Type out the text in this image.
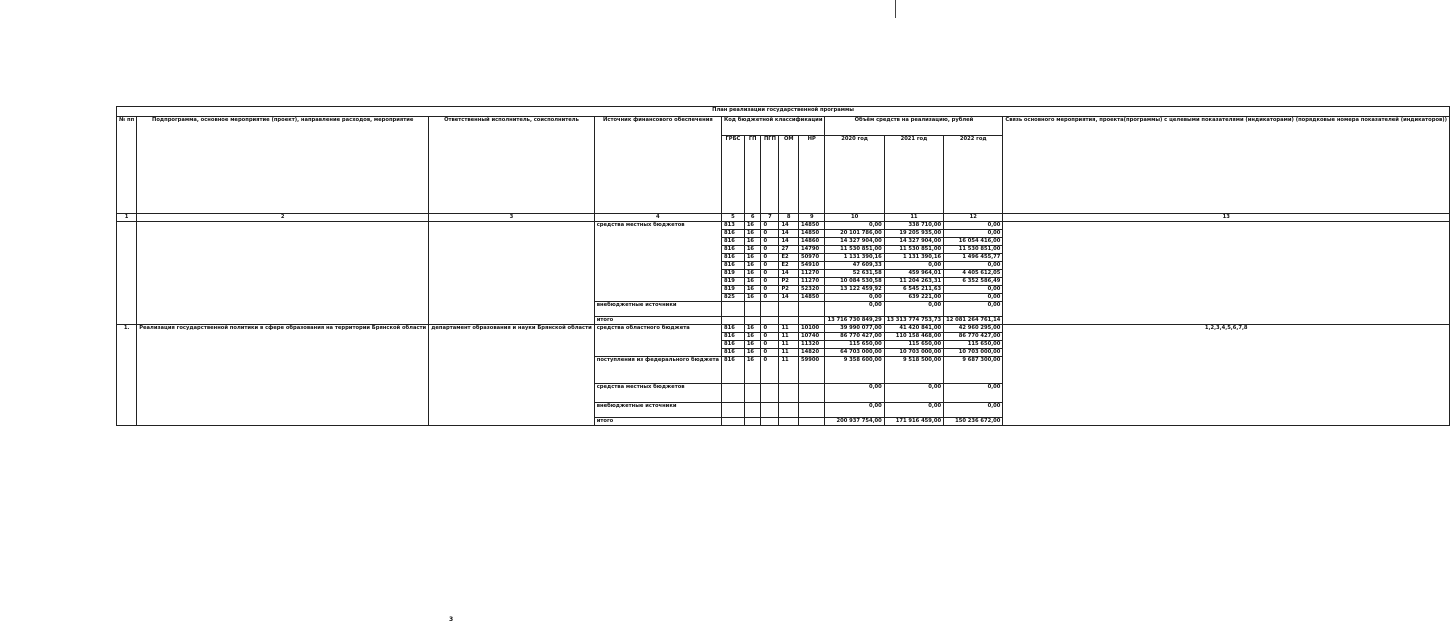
План реализации государственной программы												
№ пп	Подпрограмма, основное мероприятие (проект), направление расходов, мероприятие	Ответственный исполнитель, соисполнитель	Источник финансового обеспечения	Код бюджетной классификации					Объём средств на реализацию, рублей			Связь основного мероприятия, проекта(программы) с целевыми показателями (индикаторами) (порядковые номера показателей (индикаторов))
				ГРБС	ГП	ПГП	ОМ	НР	2020 год	2021 год	2022 год	
1	2	3	4	5	6	7	8	9	10	11	12	13
			средства местных бюджетов	813	16	0	14	14850	0,00	338 710,00	0,00	
				816	16	0	14	14850	20 101 786,00	19 205 935,00	0,00	
				816	16	0	14	14860	14 327 904,00	14 327 904,00	16 054 416,00	
				816	16	0	27	14790	11 530 851,00	11 530 851,00	11 530 851,00	
				816	16	0	Е2	50970	1 131 390,16	1 131 390,16	1 496 455,77	
				816	16	0	Е2	54910	47 609,33	0,00	0,00	
				819	16	0	14	11270	52 631,58	459 964,01	4 405 612,05	
				819	16	0	Р2	11270	10 084 530,58	11 204 263,31	6 352 586,49	
				819	16	0	Р2	52320	13 122 459,92	6 545 211,63	0,00	
				825	16	0	14	14850	0,00	639 221,00	0,00	
			внебюджетные источники						0,00	0,00	0,00	
			итого						13 716 730 849,29	13 313 774 753,73	12 081 264 761,14	
1.	Реализация государственной политики в сфере образования на территории Брянской области	департамент образования и науки Брянской области	средства областного бюджета	816	16	0	11	10100	39 990 077,00	41 420 841,00	42 960 295,00	1,2,3,4,5,6,7,8
				816	16	0	11	10740	86 770 427,00	110 158 468,00	86 770 427,00	
				816	16	0	11	11320	115 650,00	115 650,00	115 650,00	
				816	16	0	11	14820	64 703 000,00	10 703 000,00	10 703 000,00	
			поступления из федерального бюджета	816	16	0	11	59900	9 358 600,00	9 518 500,00	9 687 300,00	
			средства местных бюджетов						0,00	0,00	0,00	
			внебюджетные источники						0,00	0,00	0,00	
			итого						200 937 754,00	171 916 459,00	150 236 672,00	
3
